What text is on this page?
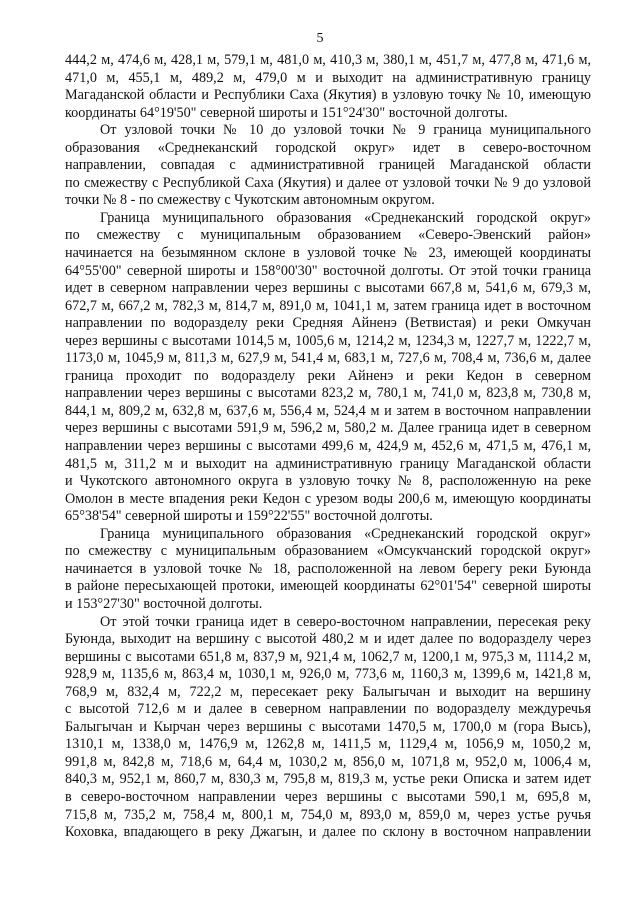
5
444,2 м, 474,6 м, 428,1 м, 579,1 м, 481,0 м, 410,3 м, 380,1 м, 451,7 м, 477,8 м, 471,6 м,
471,0 м, 455,1 м, 489,2 м, 479,0 м и выходит на административную границу
Магаданской области и Республики Саха (Якутия) в узловую точку № 10, имеющую
координаты 64°19'50" северной широты и 151°24'30" восточной долготы.
От узловой точки № 10 до узловой точки № 9 граница муниципального
образования «Среднеканский городской округ» идет в северо-восточном
направлении, совпадая с административной границей Магаданской области
по смежеству с Республикой Саха (Якутия) и далее от узловой точки № 9 до узловой
точки № 8 - по смежеству с Чукотским автономным округом.
Граница муниципального образования «Среднеканский городской округ»
по смежеству с муниципальным образованием «Северо-Эвенский район»
начинается на безымянном склоне в узловой точке № 23, имеющей координаты
64°55'00" северной широты и 158°00'30" восточной долготы. От этой точки граница
идет в северном направлении через вершины с высотами 667,8 м, 541,6 м, 679,3 м,
672,7 м, 667,2 м, 782,3 м, 814,7 м, 891,0 м, 1041,1 м, затем граница идет в восточном
направлении по водоразделу реки Средняя Айненэ (Ветвистая) и реки Омкучан
через вершины с высотами 1014,5 м, 1005,6 м, 1214,2 м, 1234,3 м, 1227,7 м, 1222,7 м,
1173,0 м, 1045,9 м, 811,3 м, 627,9 м, 541,4 м, 683,1 м, 727,6 м, 708,4 м, 736,6 м, далее
граница проходит по водоразделу реки Айненэ и реки Кедон в северном
направлении через вершины с высотами 823,2 м, 780,1 м, 741,0 м, 823,8 м, 730,8 м,
844,1 м, 809,2 м, 632,8 м, 637,6 м, 556,4 м, 524,4 м и затем в восточном направлении
через вершины с высотами 591,9 м, 596,2 м, 580,2 м. Далее граница идет в северном
направлении через вершины с высотами 499,6 м, 424,9 м, 452,6 м, 471,5 м, 476,1 м,
481,5 м, 311,2 м и выходит на административную границу Магаданской области
и Чукотского автономного округа в узловую точку № 8, расположенную на реке
Омолон в месте впадения реки Кедон с урезом воды 200,6 м, имеющую координаты
65°38'54" северной широты и 159°22'55" восточной долготы.
Граница муниципального образования «Среднеканский городской округ»
по смежеству с муниципальным образованием «Омсукчанский городской округ»
начинается в узловой точке № 18, расположенной на левом берегу реки Буюнда
в районе пересыхающей протоки, имеющей координаты 62°01'54" северной широты
и 153°27'30" восточной долготы.
От этой точки граница идет в северо-восточном направлении, пересекая реку
Буюнда, выходит на вершину с высотой 480,2 м и идет далее по водоразделу через
вершины с высотами 651,8 м, 837,9 м, 921,4 м, 1062,7 м, 1200,1 м, 975,3 м, 1114,2 м,
928,9 м, 1135,6 м, 863,4 м, 1030,1 м, 926,0 м, 773,6 м, 1160,3 м, 1399,6 м, 1421,8 м,
768,9 м, 832,4 м, 722,2 м, пересекает реку Балыгычан и выходит на вершину
с высотой 712,6 м и далее в северном направлении по водоразделу междуречья
Балыгычан и Кырчан через вершины с высотами 1470,5 м, 1700,0 м (гора Высь),
1310,1 м, 1338,0 м, 1476,9 м, 1262,8 м, 1411,5 м, 1129,4 м, 1056,9 м, 1050,2 м,
991,8 м, 842,8 м, 718,6 м, 64,4 м, 1030,2 м, 856,0 м, 1071,8 м, 952,0 м, 1006,4 м,
840,3 м, 952,1 м, 860,7 м, 830,3 м, 795,8 м, 819,3 м, устье реки Описка и затем идет
в северо-восточном направлении через вершины с высотами 590,1 м, 695,8 м,
715,8 м, 735,2 м, 758,4 м, 800,1 м, 754,0 м, 893,0 м, 859,0 м, через устье ручья
Коховка, впадающего в реку Джагын, и далее по склону в восточном направлении
